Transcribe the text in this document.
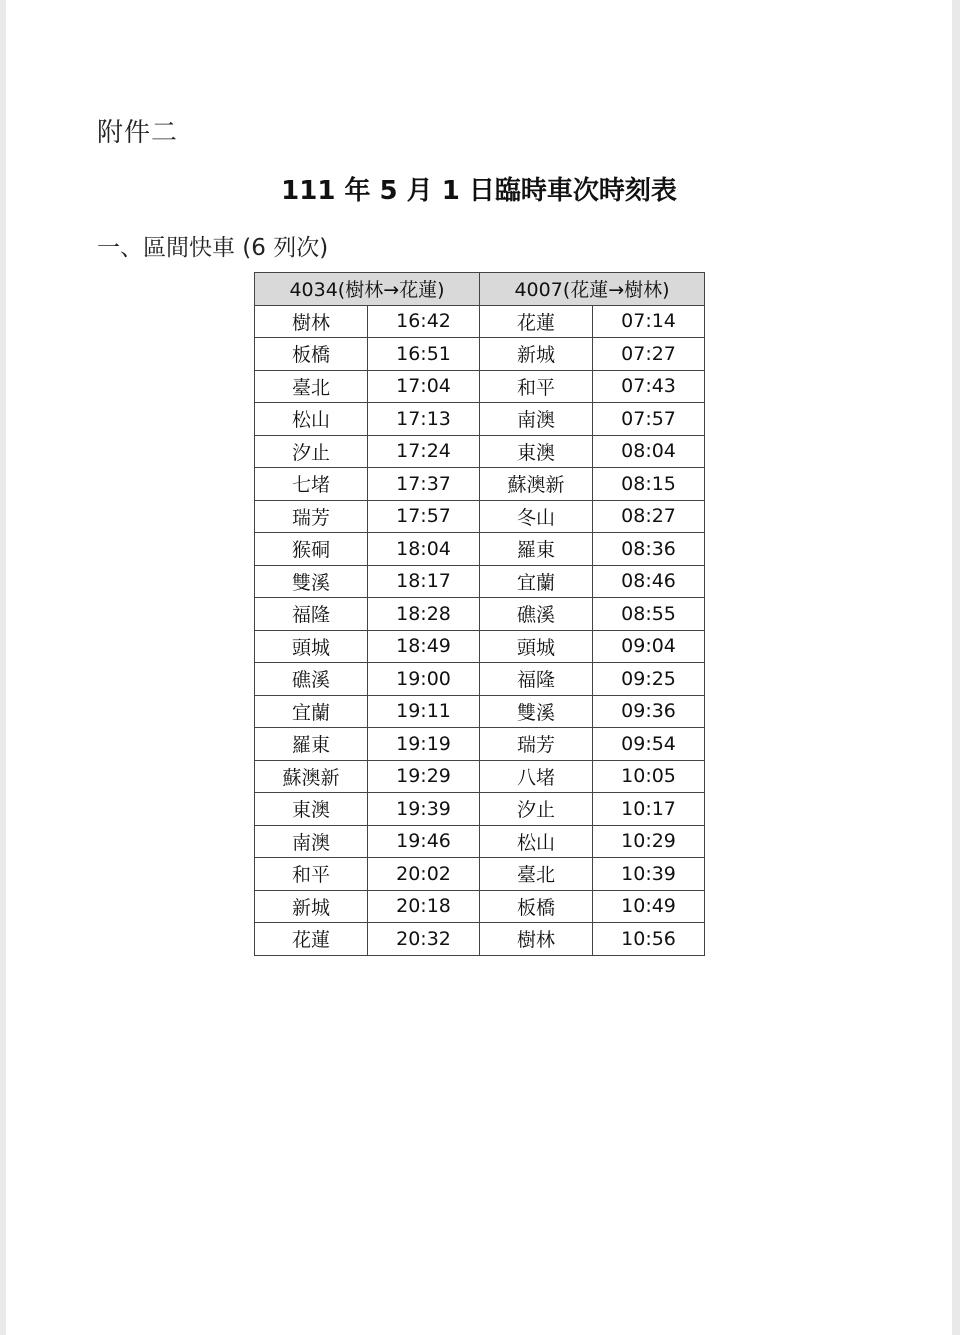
附件二
111 年 5 月 1 日臨時車次時刻表
一、區間快車 (6 列次)
4034(樹林→花蓮)		4007(花蓮→樹林)	
樹林	16:42	花蓮	07:14
板橋	16:51	新城	07:27
臺北	17:04	和平	07:43
松山	17:13	南澳	07:57
汐止	17:24	東澳	08:04
七堵	17:37	蘇澳新	08:15
瑞芳	17:57	冬山	08:27
猴硐	18:04	羅東	08:36
雙溪	18:17	宜蘭	08:46
福隆	18:28	礁溪	08:55
頭城	18:49	頭城	09:04
礁溪	19:00	福隆	09:25
宜蘭	19:11	雙溪	09:36
羅東	19:19	瑞芳	09:54
蘇澳新	19:29	八堵	10:05
東澳	19:39	汐止	10:17
南澳	19:46	松山	10:29
和平	20:02	臺北	10:39
新城	20:18	板橋	10:49
花蓮	20:32	樹林	10:56
